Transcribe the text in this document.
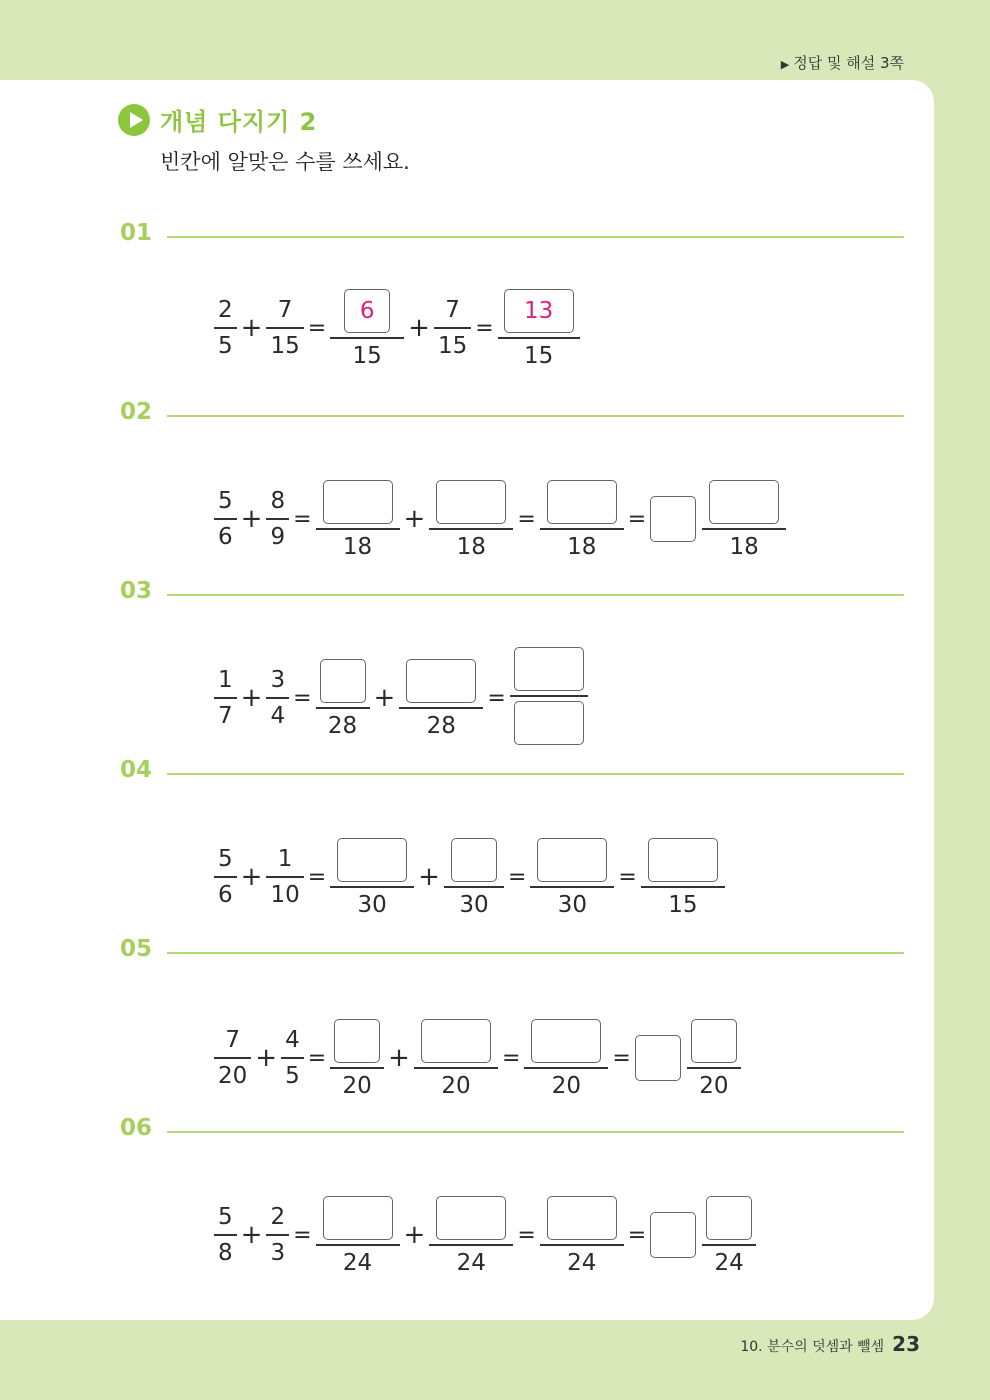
▶ 정답 및 해설 3쪽
개념 다지기 2
빈칸에 알맞은 수를 쓰세요.
01
$\frac{2}{5} + \frac{7}{15} = \frac{6}{15} + \frac{7}{15} = \frac{13}{15}$
02
$\frac{5}{6} + \frac{8}{9}$ =
18
+
18
=
18
=
18
03
$\frac{1}{7} + \frac{3}{4}$ =
28
+
28
=
04
$\frac{5}{6} + \frac{1}{10}$ =
30
+
30
=
30
=
15
05
$\frac{7}{20} + \frac{4}{5}$ =
20
+
20
=
20
=
20
06
$\frac{5}{8} + \frac{2}{3}$ =
24
+
24
=
24
=
24
10. 분수의 덧셈과 뺄셈 23
